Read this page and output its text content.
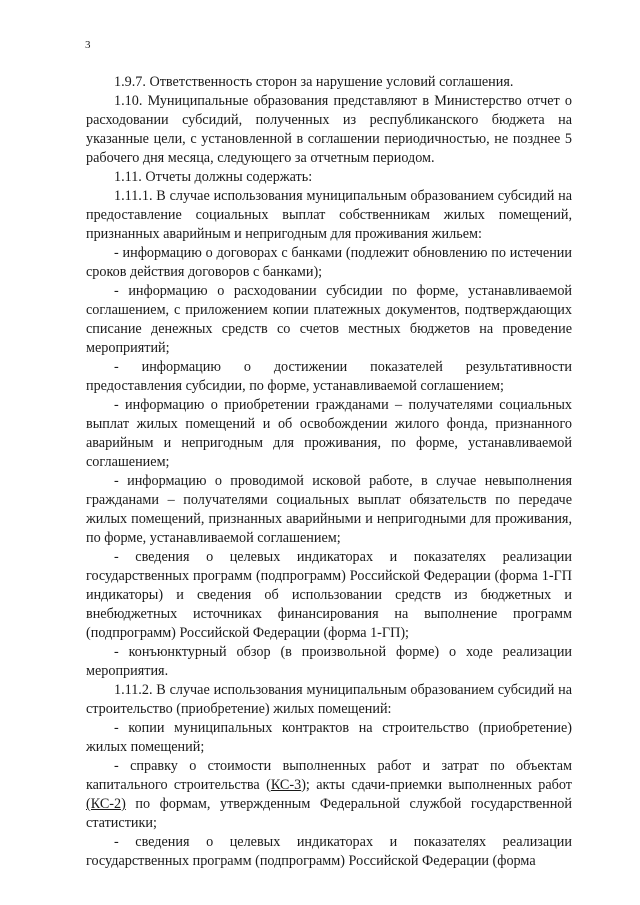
3

1.9.7. Ответственность сторон за нарушение условий соглашения.

1.10. Муниципальные образования представляют в Министерство отчет о расходовании субсидий, полученных из республиканского бюджета на указанные цели, с установленной в соглашении периодичностью, не позднее 5 рабочего дня месяца, следующего за отчетным периодом.

1.11. Отчеты должны содержать:

1.11.1. В случае использования муниципальным образованием субсидий на предоставление социальных выплат собственникам жилых помещений, признанных аварийным и непригодным для проживания жильем:

- информацию о договорах с банками (подлежит обновлению по истечении сроков действия договоров с банками);

- информацию о расходовании субсидии по форме, устанавливаемой соглашением, с приложением копии платежных документов, подтверждающих списание денежных средств со счетов местных бюджетов на проведение мероприятий;

- информацию о достижении показателей результативности предоставления субсидии, по форме, устанавливаемой соглашением;

- информацию о приобретении гражданами – получателями социальных выплат жилых помещений и об освобождении жилого фонда, признанного аварийным и непригодным для проживания, по форме, устанавливаемой соглашением;

- информацию о проводимой исковой работе, в случае невыполнения гражданами – получателями социальных выплат обязательств по передаче жилых помещений, признанных аварийными и непригодными для проживания, по форме, устанавливаемой соглашением;

- сведения о целевых индикаторах и показателях реализации государственных программ (подпрограмм) Российской Федерации (форма 1-ГП индикаторы) и сведения об использовании средств из бюджетных и внебюджетных источниках финансирования на выполнение программ (подпрограмм) Российской Федерации (форма 1-ГП);

- конъюнктурный обзор (в произвольной форме) о ходе реализации мероприятия.

1.11.2. В случае использования муниципальным образованием субсидий на строительство (приобретение) жилых помещений:

- копии муниципальных контрактов на строительство (приобретение) жилых помещений;

- справку о стоимости выполненных работ и затрат по объектам капитального строительства (КС-3); акты сдачи-приемки выполненных работ (КС-2) по формам, утвержденным Федеральной службой государственной статистики;

- сведения о целевых индикаторах и показателях реализации государственных программ (подпрограмм) Российской Федерации (форма
